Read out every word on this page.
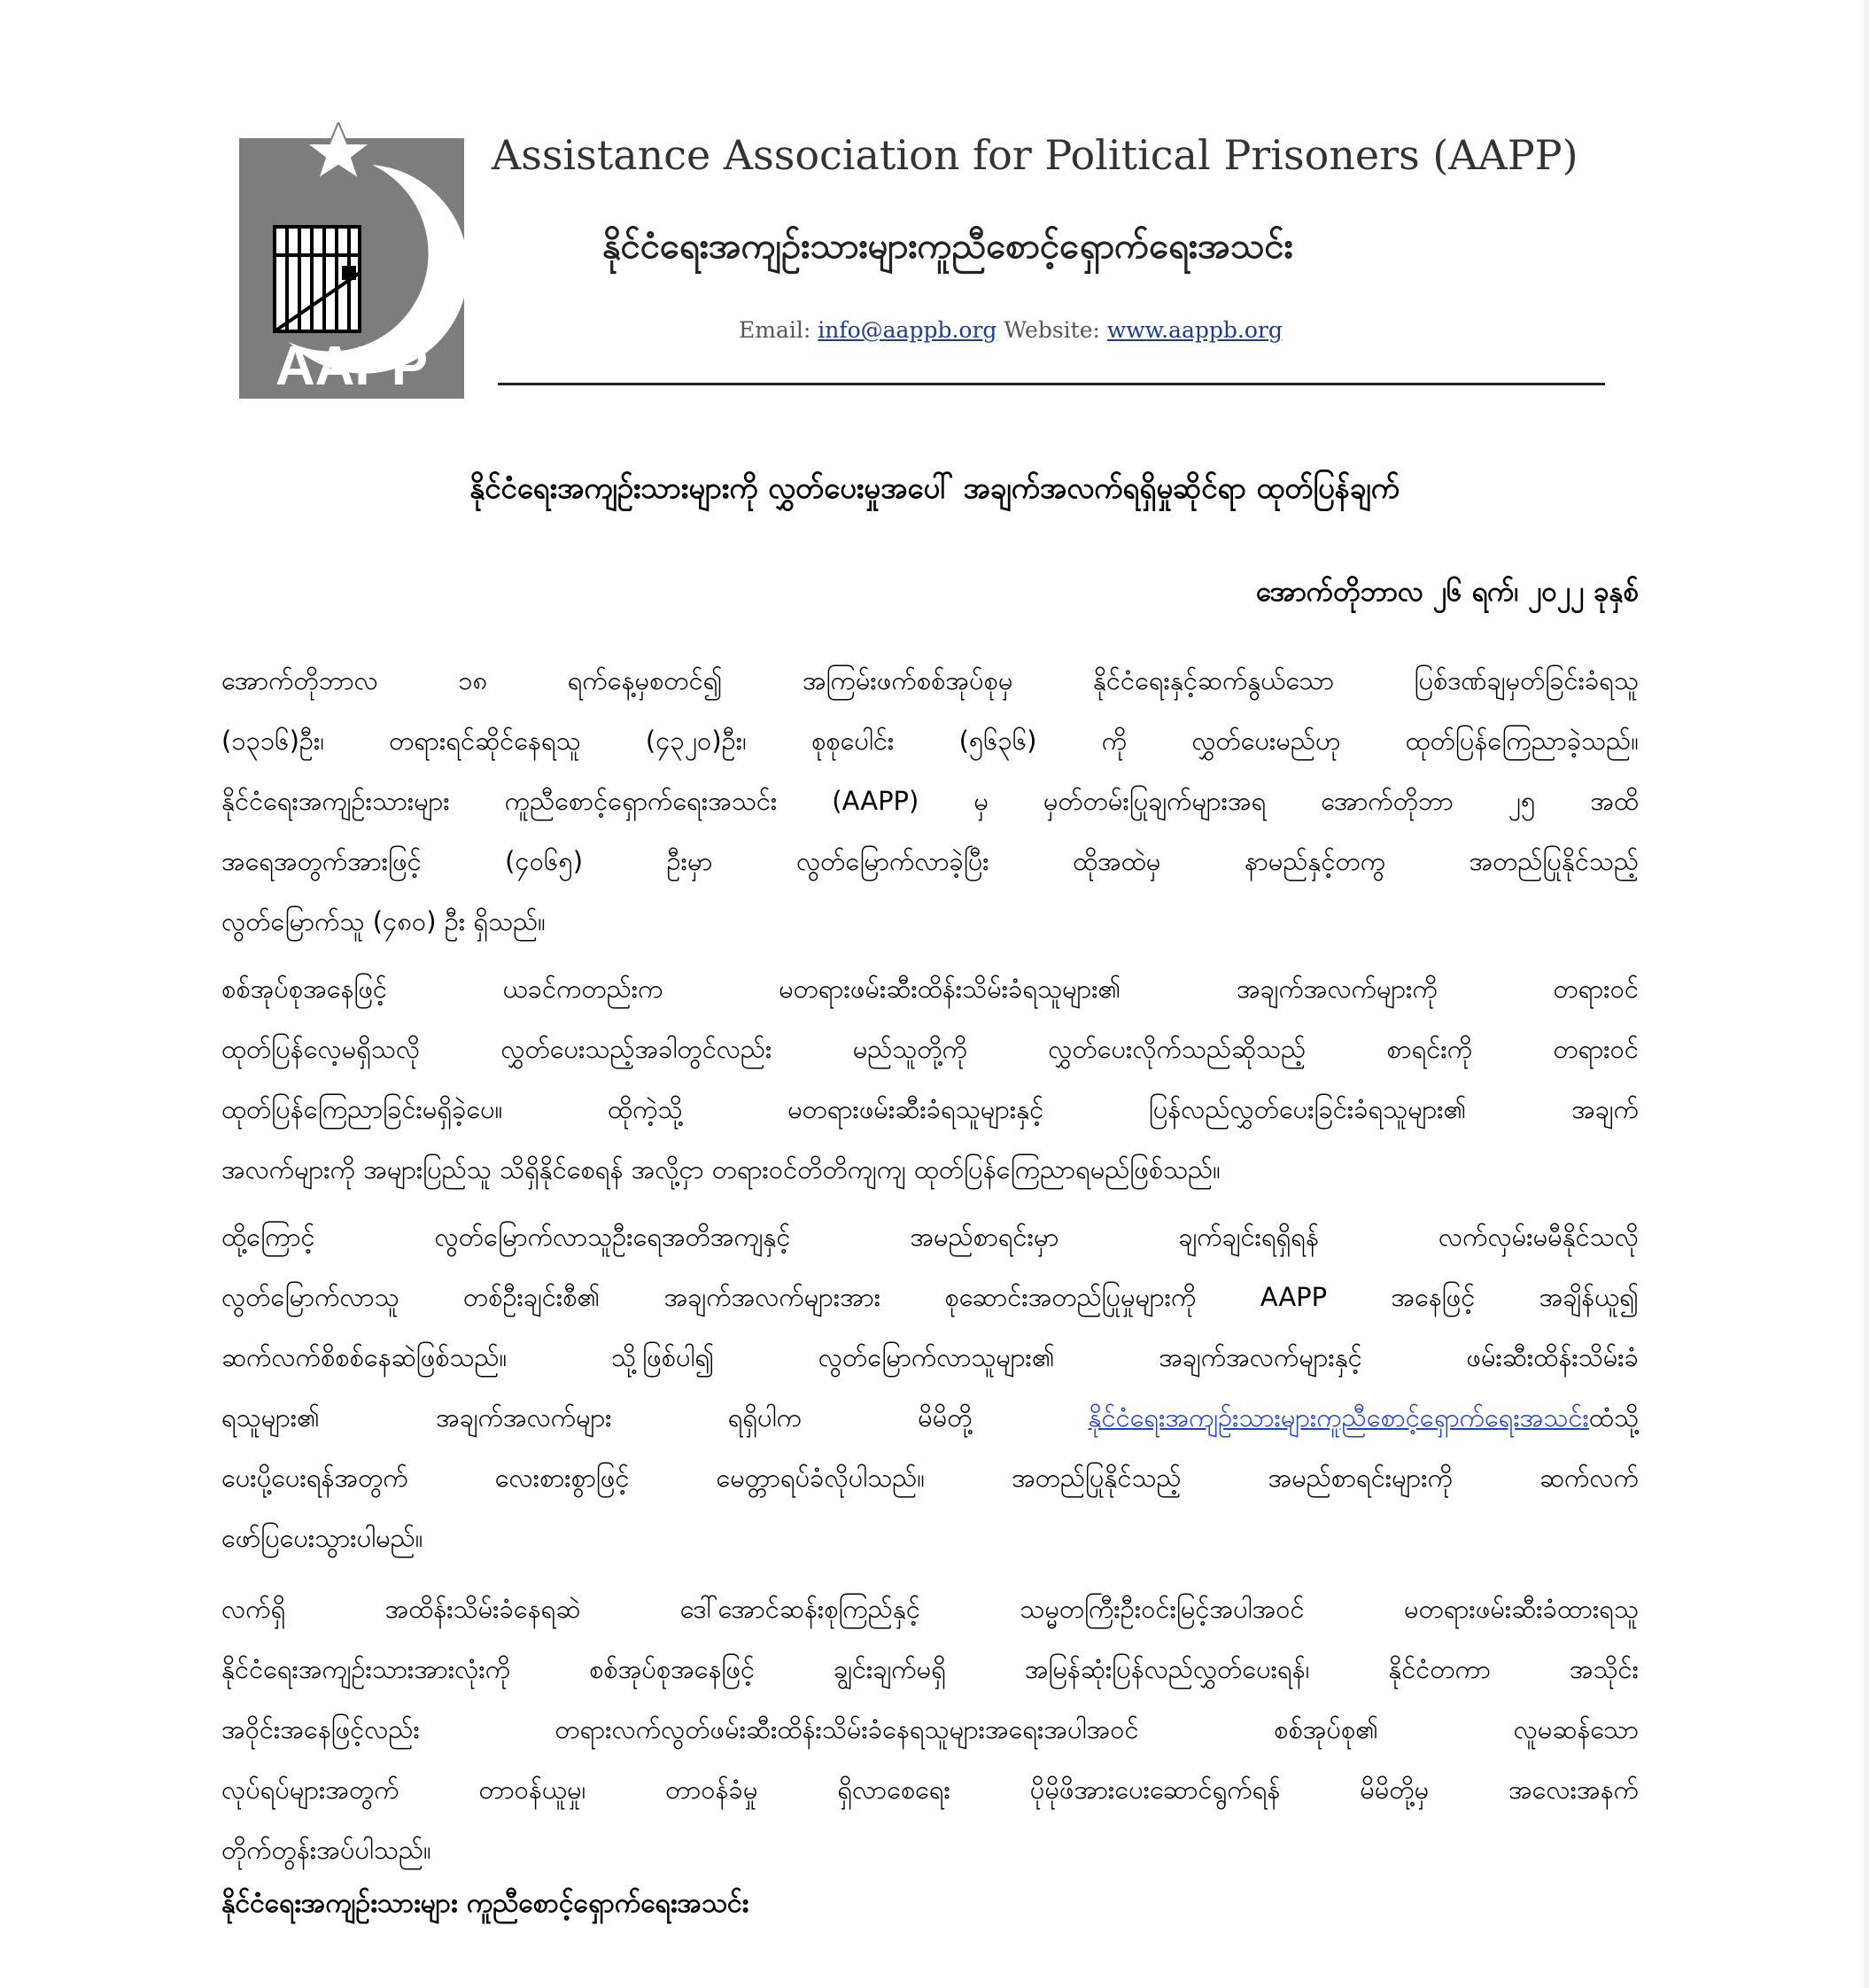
AAPP
Assistance Association for Political Prisoners (AAPP)
နိုင်ငံရေးအကျဉ်းသားများကူညီစောင့်ရှောက်ရေးအသင်း
Email: info@aappb.org Website: www.aappb.org
နိုင်ငံရေးအကျဉ်းသားများကို လွှတ်ပေးမှုအပေါ် အချက်အလက်ရရှိမှုဆိုင်ရာ ထုတ်ပြန်ချက်
အောက်တိုဘာလ ၂၆ ရက်၊ ၂၀၂၂ ခုနှစ်
အောက်တိုဘာလ ၁၈ ရက်နေ့မှစတင်၍ အကြမ်းဖက်စစ်အုပ်စုမှ နိုင်ငံရေးနှင့်ဆက်နွယ်သော ပြစ်ဒဏ်ချမှတ်ခြင်းခံရသူ
(၁၃၁၆)ဦး၊ တရားရင်ဆိုင်နေရသူ (၄၃၂၀)ဦး၊ စုစုပေါင်း (၅၆၃၆) ကို လွှတ်ပေးမည်ဟု ထုတ်ပြန်ကြေညာခဲ့သည်။
နိုင်ငံရေးအကျဉ်းသားများ ကူညီစောင့်ရှောက်ရေးအသင်း (AAPP) မှ မှတ်တမ်းပြုချက်များအရ အောက်တိုဘာ ၂၅ အထိ
အရေအတွက်အားဖြင့် (၄၀၆၅) ဦးမှာ လွတ်မြောက်လာခဲ့ပြီး ထိုအထဲမှ နာမည်နှင့်တကွ အတည်ပြုနိုင်သည့်
လွတ်မြောက်သူ (၄၈၀) ဦး ရှိသည်။
စစ်အုပ်စုအနေဖြင့် ယခင်ကတည်းက မတရားဖမ်းဆီးထိန်းသိမ်းခံရသူများ၏ အချက်အလက်များကို တရားဝင်
ထုတ်ပြန်လေ့မရှိသလို လွှတ်ပေးသည့်အခါတွင်လည်း မည်သူတို့ကို လွှတ်ပေးလိုက်သည်ဆိုသည့် စာရင်းကို တရားဝင်
ထုတ်ပြန်ကြေညာခြင်းမရှိခဲ့ပေ။ ထိုကဲ့သို့ မတရားဖမ်းဆီးခံရသူများနှင့် ပြန်လည်လွှတ်ပေးခြင်းခံရသူများ၏ အချက်
အလက်များကို အများပြည်သူ သိရှိနိုင်စေရန် အလို့ငှာ တရားဝင်တိတိကျကျ ထုတ်ပြန်ကြေညာရမည်ဖြစ်သည်။
ထို့ကြောင့် လွတ်မြောက်လာသူဦးရေအတိအကျနှင့် အမည်စာရင်းမှာ ချက်ချင်းရရှိရန် လက်လှမ်းမမီနိုင်သလို
လွတ်မြောက်လာသူ တစ်ဦးချင်းစီ၏ အချက်အလက်များအား စုဆောင်းအတည်ပြုမှုများကို AAPP အနေဖြင့် အချိန်ယူ၍
ဆက်လက်စိစစ်နေဆဲဖြစ်သည်။ သို့ဖြစ်ပါ၍ လွတ်မြောက်လာသူများ၏ အချက်အလက်များနှင့် ဖမ်းဆီးထိန်းသိမ်းခံ
ရသူများ၏ အချက်အလက်များ ရရှိပါက မိမိတို့ နိုင်ငံရေးအကျဉ်းသားများကူညီစောင့်ရှောက်ရေးအသင်းထံသို့
ပေးပို့ပေးရန်အတွက် လေးစားစွာဖြင့် မေတ္တာရပ်ခံလိုပါသည်။ အတည်ပြုနိုင်သည့် အမည်စာရင်းများကို ဆက်လက်
ဖော်ပြပေးသွားပါမည်။
လက်ရှိ အထိန်းသိမ်းခံနေရဆဲ ဒေါ်အောင်ဆန်းစုကြည်နှင့် သမ္မတကြီးဦးဝင်းမြင့်အပါအဝင် မတရားဖမ်းဆီးခံထားရသူ
နိုင်ငံရေးအကျဉ်းသားအားလုံးကို စစ်အုပ်စုအနေဖြင့် ချွင်းချက်မရှိ အမြန်ဆုံးပြန်လည်လွှတ်ပေးရန်၊ နိုင်ငံတကာ အသိုင်း
အဝိုင်းအနေဖြင့်လည်း တရားလက်လွတ်ဖမ်းဆီးထိန်းသိမ်းခံနေရသူများအရေးအပါအဝင် စစ်အုပ်စု၏ လူမဆန်သော
လုပ်ရပ်များအတွက် တာဝန်ယူမှု၊ တာဝန်ခံမှု ရှိလာစေရေး ပိုမိုဖိအားပေးဆောင်ရွက်ရန် မိမိတို့မှ အလေးအနက်
တိုက်တွန်းအပ်ပါသည်။
နိုင်ငံရေးအကျဉ်းသားများ ကူညီစောင့်ရှောက်ရေးအသင်း
